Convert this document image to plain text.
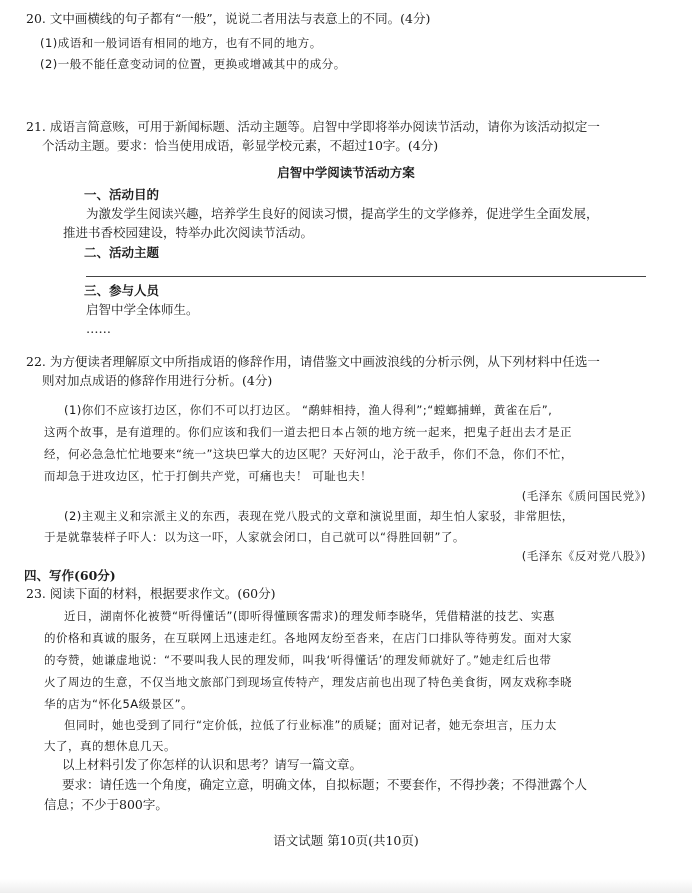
20. 文中画横线的句子都有“一般”，说说二者用法与表意上的不同。(4分)
(1)成语和一般词语有相同的地方，也有不同的地方。
(2)一般不能任意变动词的位置，更换或增减其中的成分。
21. 成语言简意赅，可用于新闻标题、活动主题等。启智中学即将举办阅读节活动，请你为该活动拟定一
个活动主题。要求：恰当使用成语，彰显学校元素，不超过10字。(4分)
启智中学阅读节活动方案
一、活动目的
为激发学生阅读兴趣，培养学生良好的阅读习惯，提高学生的文学修养，促进学生全面发展，
推进书香校园建设，特举办此次阅读节活动。
二、活动主题
三、参与人员
启智中学全体师生。
……
22. 为方便读者理解原文中所指成语的修辞作用，请借鉴文中画波浪线的分析示例，从下列材料中任选一
则对加点成语的修辞作用进行分析。(4分)
(1)你们不应该打边区，你们不可以打边区。 “鹬蚌相持，渔人得利”;“螳螂捕蝉，黄雀在后”,
这两个故事，是有道理的。你们应该和我们一道去把日本占领的地方统一起来，把鬼子赶出去才是正
经，何必急急忙忙地要来“统一”这块巴掌大的边区呢？天好河山，沦于敌手，你们不急，你们不忙，
而却急于进攻边区，忙于打倒共产党，可痛也夫！ 可耻也夫！
(毛泽东《质问国民党》)
(2)主观主义和宗派主义的东西，表现在党八股式的文章和演说里面，却生怕人家驳，非常胆怯，
于是就靠装样子吓人：以为这一吓，人家就会闭口，自己就可以“得胜回朝”了。
(毛泽东《反对党八股》)
四、写作(60分)
23. 阅读下面的材料，根据要求作文。(60分)
近日，湖南怀化被赞“听得懂话”(即听得懂顾客需求)的理发师李晓华，凭借精湛的技艺、实惠
的价格和真诚的服务，在互联网上迅速走红。各地网友纷至沓来，在店门口排队等待剪发。面对大家
的夸赞，她谦虚地说：“不要叫我人民的理发师，叫我‘听得懂话’的理发师就好了。”她走红后也带
火了周边的生意，不仅当地文旅部门到现场宣传特产，理发店前也出现了特色美食街，网友戏称李晓
华的店为“怀化5A级景区”。
但同时，她也受到了同行“定价低，拉低了行业标准”的质疑；面对记者，她无奈坦言，压力太
大了，真的想休息几天。
以上材料引发了你怎样的认识和思考？请写一篇文章。
要求：请任选一个角度，确定立意，明确文体，自拟标题；不要套作，不得抄袭；不得泄露个人
信息；不少于800字。
语文试题 第10页(共10页)
